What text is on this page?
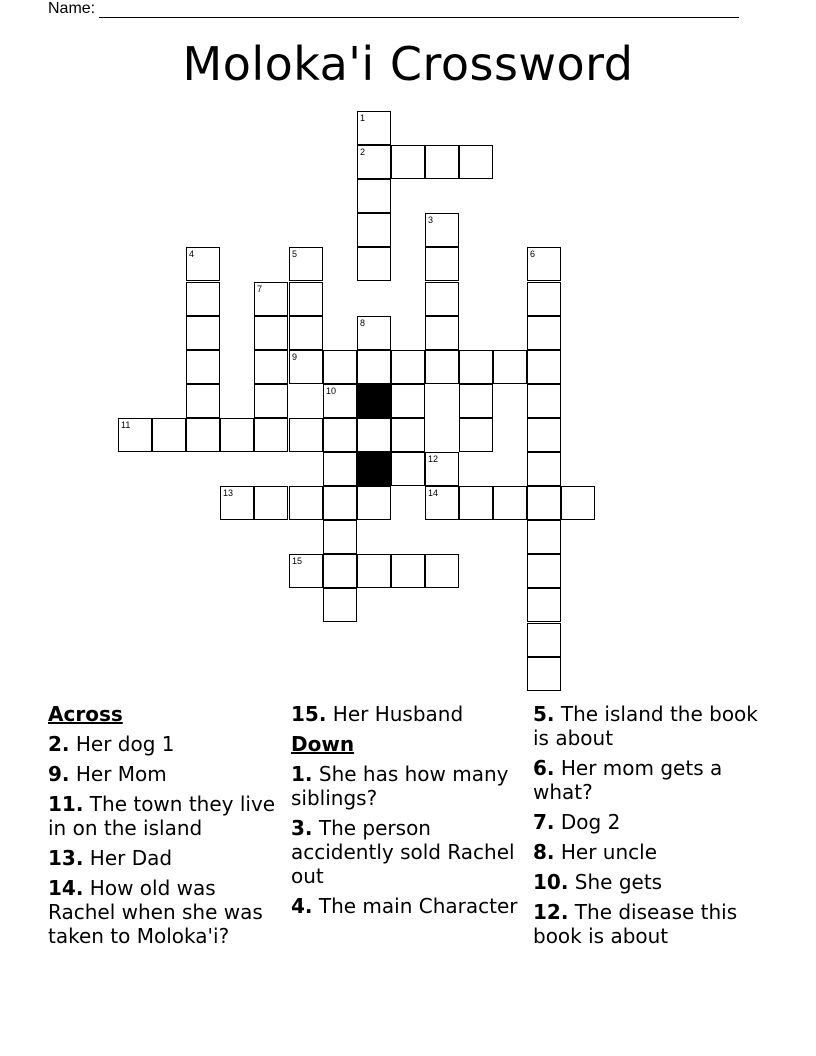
Name:
Moloka'i Crossword
1
2
3
4	5	6
7
8
9
10
11
12
13	14
15
Across
2. Her dog 1
9. Her Mom
11. The town they live in on the island
13. Her Dad
14. How old was Rachel when she was taken to Moloka'i?
15. Her Husband
Down
1. She has how many siblings?
3. The person accidently sold Rachel out
4. The main Character
5. The island the book is about
6. Her mom gets a what?
7. Dog 2
8. Her uncle
10. She gets
12. The disease this book is about
